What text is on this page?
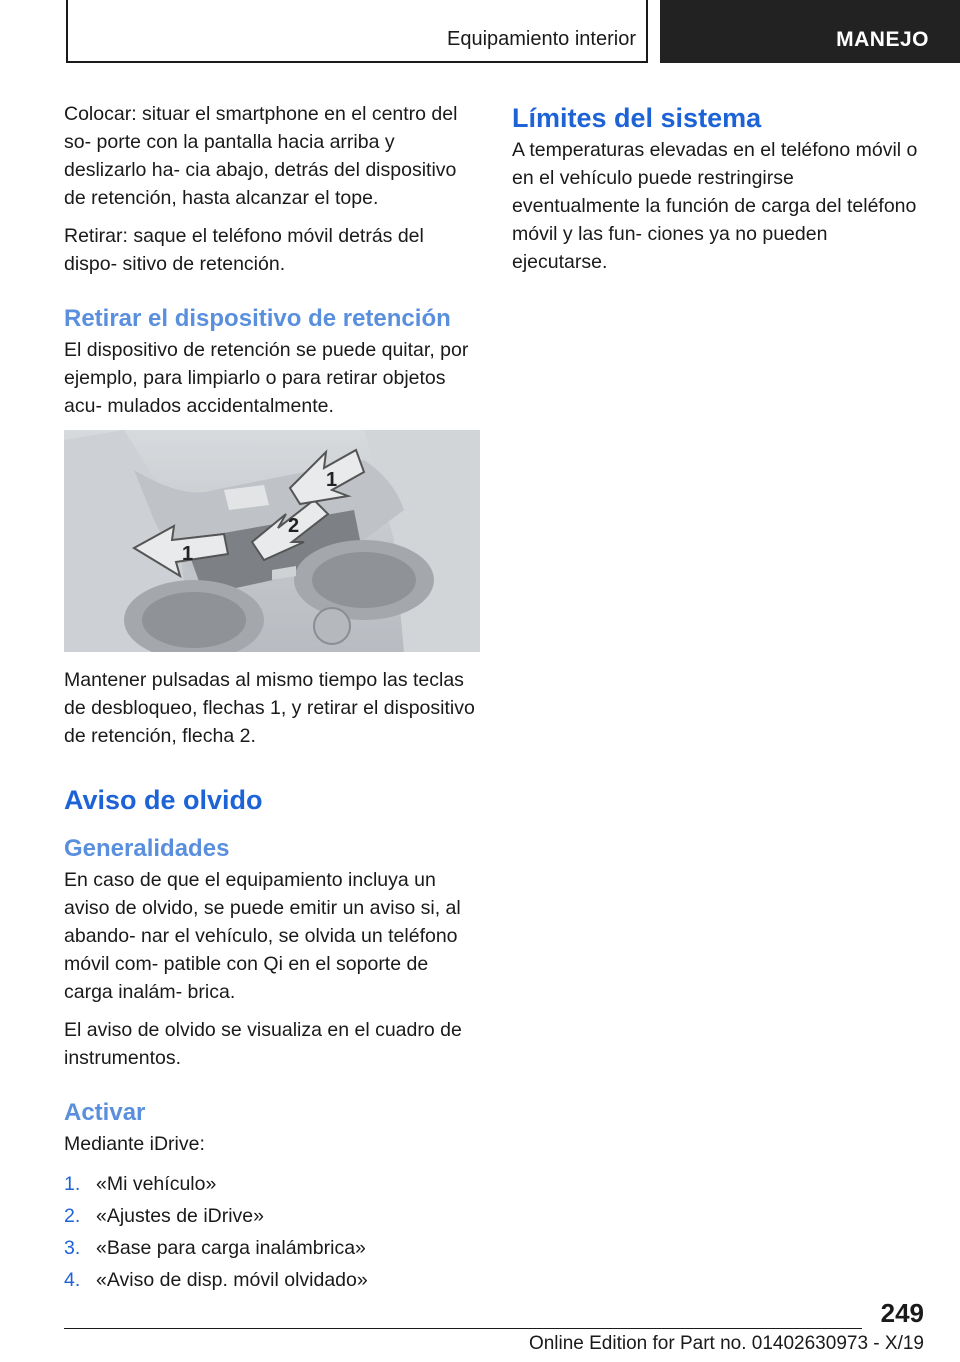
Equipamiento interior	MANEJO

Colocar: situar el smartphone en el centro del so‐ porte con la pantalla hacia arriba y deslizarlo ha‐ cia abajo, detrás del dispositivo de retención, hasta alcanzar el tope.

Retirar: saque el teléfono móvil detrás del dispo‐ sitivo de retención.

Retirar el dispositivo de retención

El dispositivo de retención se puede quitar, por ejemplo, para limpiarlo o para retirar objetos acu‐ mulados accidentalmente.

1
2
1

Mantener pulsadas al mismo tiempo las teclas de desbloqueo, flechas 1, y retirar el dispositivo de retención, flecha 2.

Aviso de olvido
Generalidades

En caso de que el equipamiento incluya un aviso de olvido, se puede emitir un aviso si, al abando‐ nar el vehículo, se olvida un teléfono móvil com‐ patible con Qi en el soporte de carga inalám‐ brica.

El aviso de olvido se visualiza en el cuadro de instrumentos.

Activar

Mediante iDrive:

1. «Mi vehículo»
2. «Ajustes de iDrive»
3. «Base para carga inalámbrica»
4. «Aviso de disp. móvil olvidado»
Límites del sistema

A temperaturas elevadas en el teléfono móvil o en el vehículo puede restringirse eventualmente la función de carga del teléfono móvil y las fun‐ ciones ya no pueden ejecutarse.

249
Online Edition for Part no. 01402630973 - X/19
